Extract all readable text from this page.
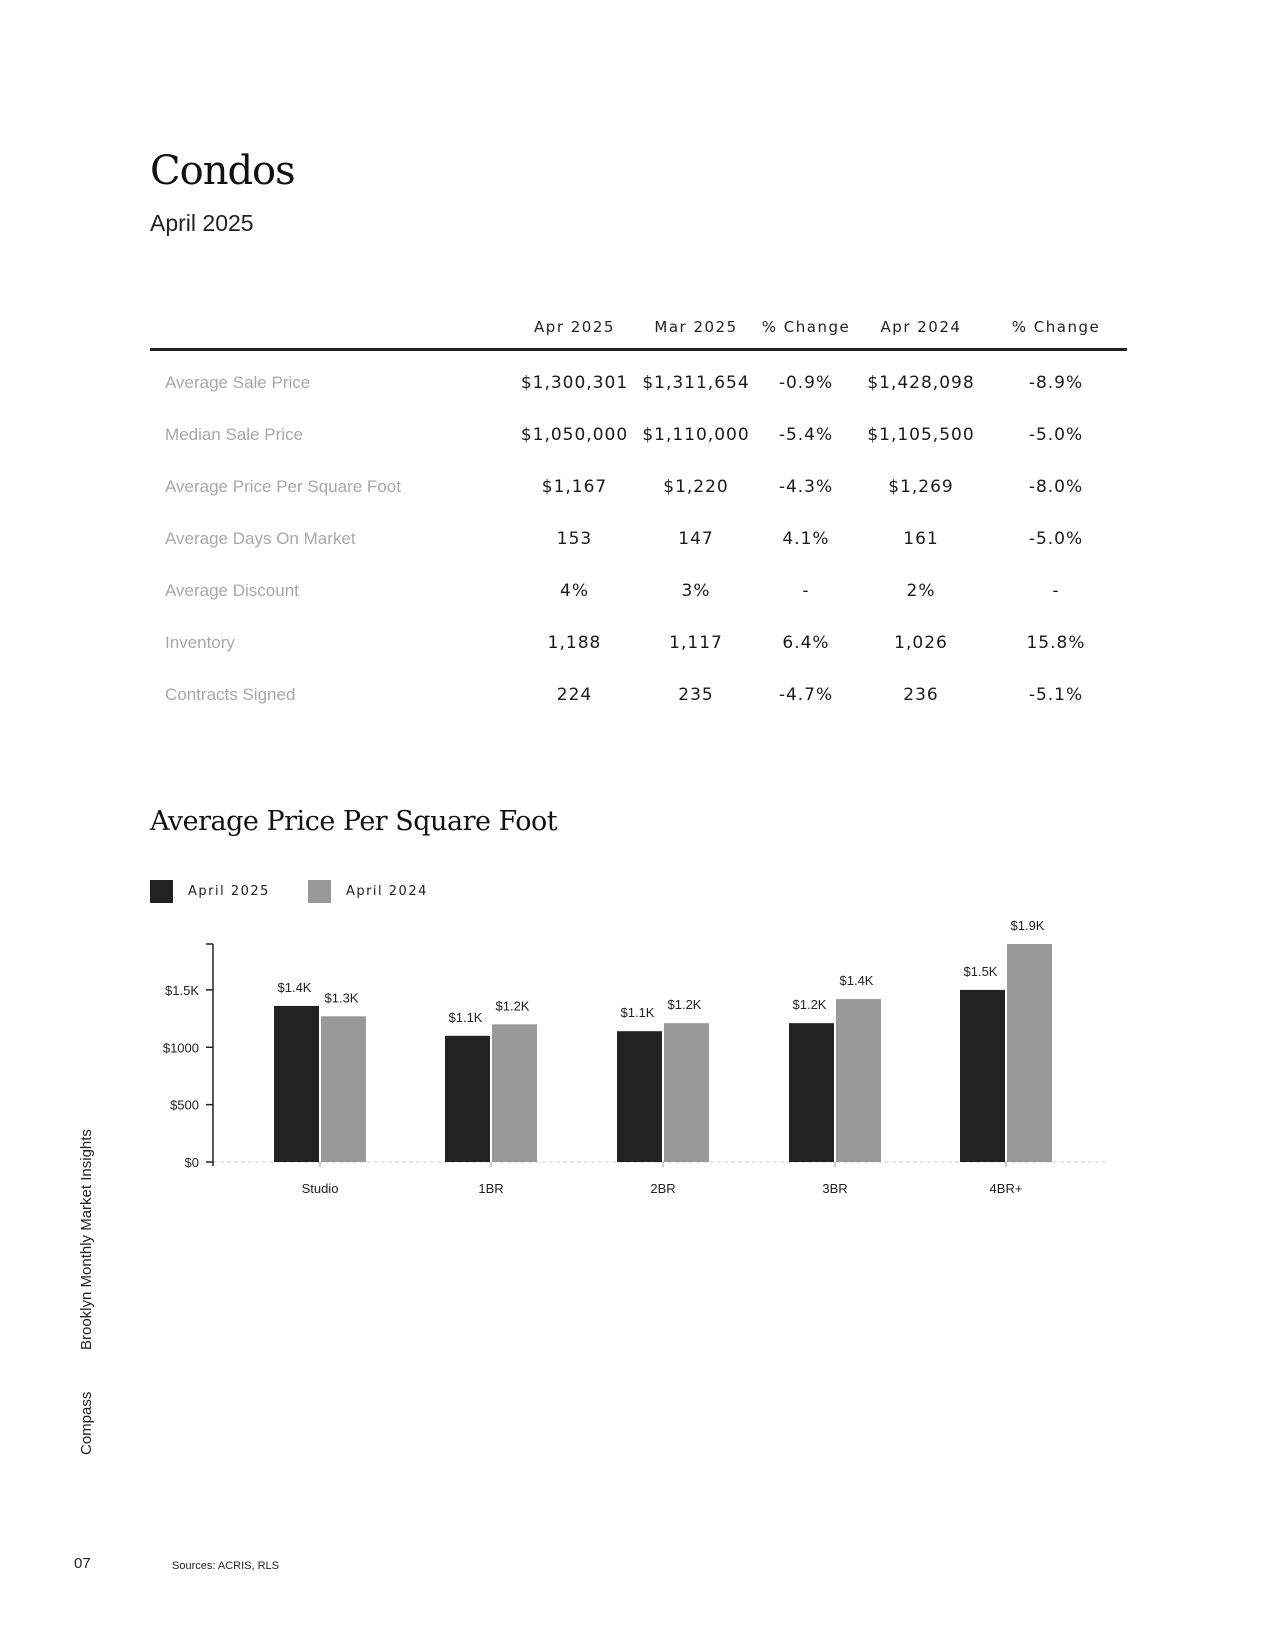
Condos
April 2025
	Apr 2025	Mar 2025	% Change	Apr 2024	% Change
Average Sale Price	$1,300,301	$1,311,654	-0.9%	$1,428,098	-8.9%
Median Sale Price	$1,050,000	$1,110,000	-5.4%	$1,105,500	-5.0%
Average Price Per Square Foot	$1,167	$1,220	-4.3%	$1,269	-8.0%
Average Days On Market	153	147	4.1%	161	-5.0%
Average Discount	4%	3%	-	2%	-
Inventory	1,188	1,117	6.4%	1,026	15.8%
Contracts Signed	224	235	-4.7%	236	-5.1%
Average Price Per Square Foot
April 2025	April 2024
$0
$500
$1000
$1.5K	$1.4K
$1.3K
Studio
$1.1K
$1.2K
1BR
$1.1K
$1.2K
2BR
$1.2K
$1.4K
3BR
$1.5K
$1.9K
4BR+
Compass
Brooklyn Monthly Market Insights
07	Sources: ACRIS, RLS
